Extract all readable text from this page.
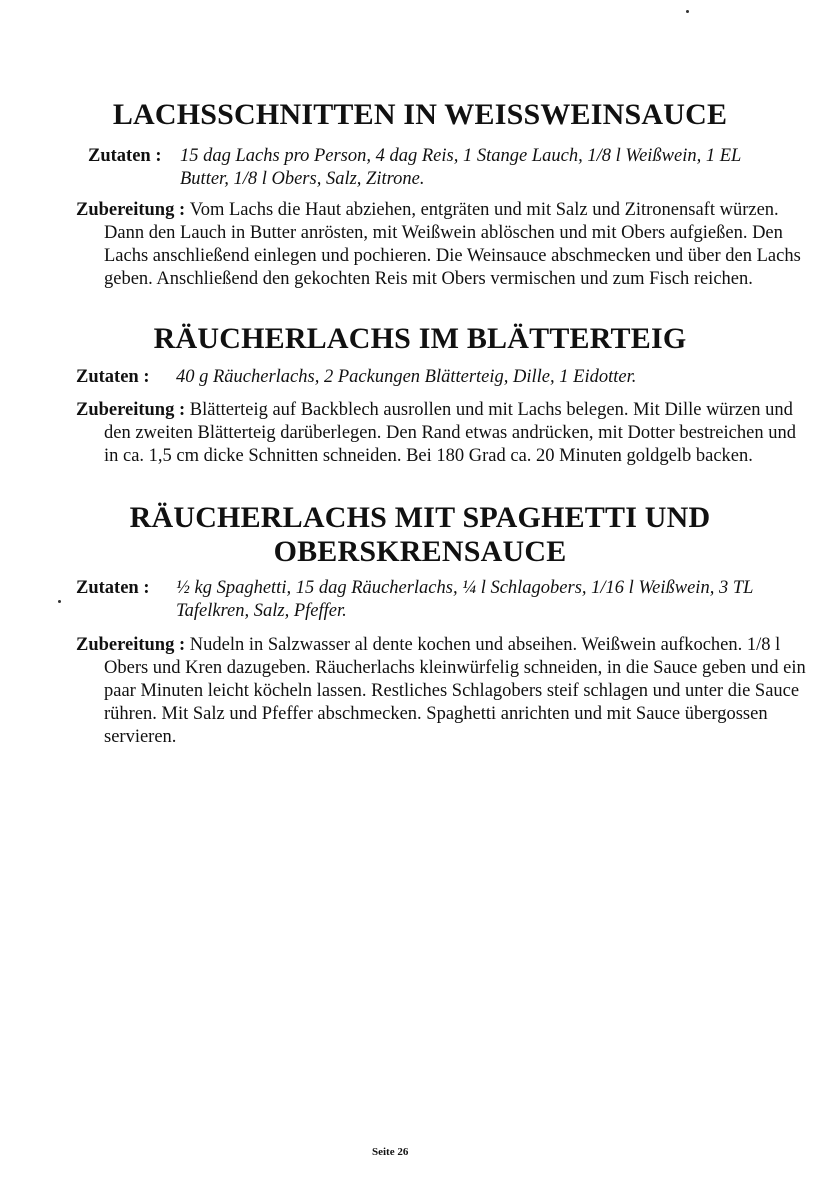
LACHSSCHNITTEN IN WEISSWEINSAUCE
Zutaten :	15 dag Lachs pro Person, 4 dag Reis, 1 Stange Lauch, 1/8 l Weißwein, 1 EL Butter, 1/8 l Obers, Salz, Zitrone.
Zubereitung : Vom Lachs die Haut abziehen, entgräten und mit Salz und Zitronensaft würzen. Dann den Lauch in Butter anrösten, mit Weißwein ablöschen und mit Obers aufgießen. Den Lachs anschließend einlegen und pochieren. Die Weinsauce abschmecken und über den Lachs geben. Anschließend den gekochten Reis mit Obers vermischen und zum Fisch reichen.
RÄUCHERLACHS IM BLÄTTERTEIG
Zutaten :	40 g Räucherlachs, 2 Packungen Blätterteig, Dille, 1 Eidotter.
Zubereitung : Blätterteig auf Backblech ausrollen und mit Lachs belegen. Mit Dille würzen und den zweiten Blätterteig darüberlegen. Den Rand etwas andrücken, mit Dotter bestreichen und in ca. 1,5 cm dicke Schnitten schneiden. Bei 180 Grad ca. 20 Minuten goldgelb backen.
RÄUCHERLACHS MIT SPAGHETTI UND
OBERSKRENSAUCE
Zutaten :	½ kg Spaghetti, 15 dag Räucherlachs, ¼ l Schlagobers, 1/16 l Weißwein, 3 TL Tafelkren, Salz, Pfeffer.
Zubereitung : Nudeln in Salzwasser al dente kochen und abseihen. Weißwein aufkochen. 1/8 l Obers und Kren dazugeben. Räucherlachs kleinwürfelig schneiden, in die Sauce geben und ein paar Minuten leicht köcheln lassen. Restliches Schlagobers steif schlagen und unter die Sauce rühren. Mit Salz und Pfeffer abschmecken. Spaghetti anrichten und mit Sauce übergossen servieren.
Seite 26
